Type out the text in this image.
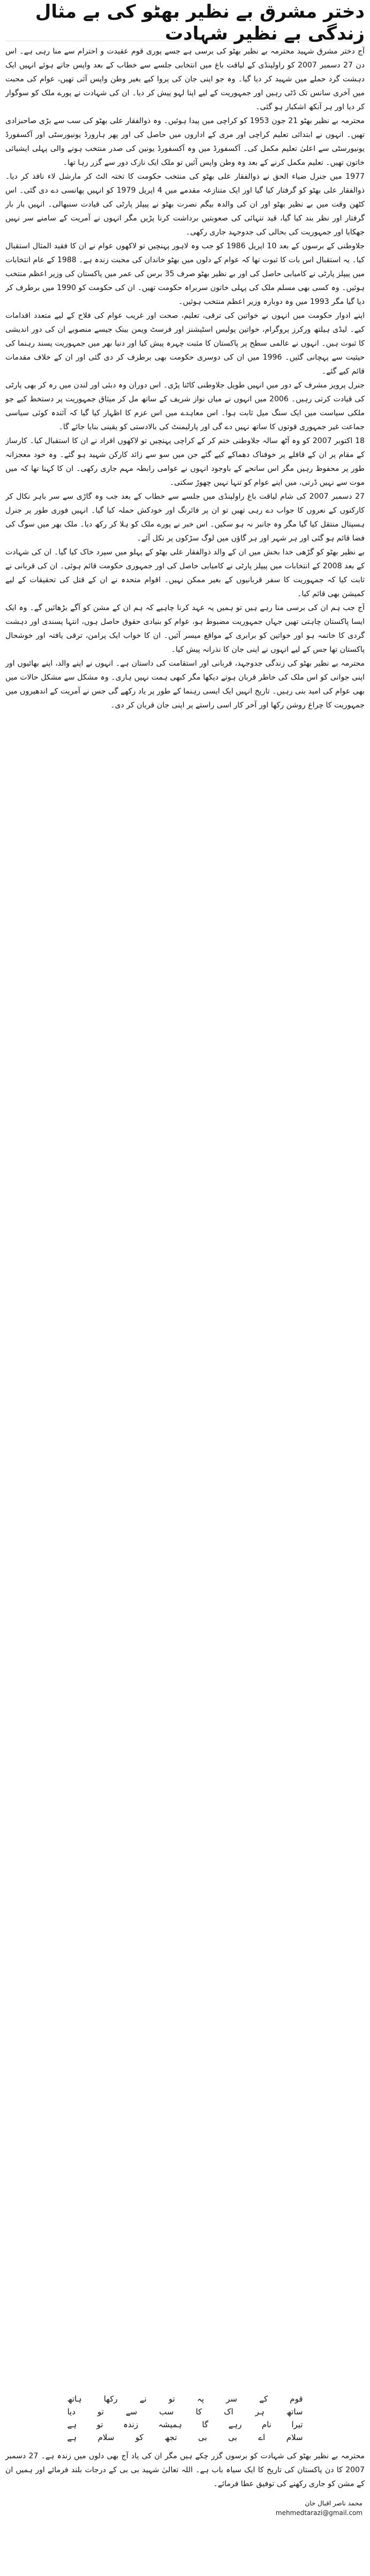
دختر مشرق بے نظیر بھٹو کی بے مثال زندگی بے نظیر شہادت

آج دختر مشرق شہید محترمہ بے نظیر بھٹو کی برسی ہے جسے پوری قوم عقیدت و احترام سے منا رہی ہے۔ اس دن 27 دسمبر 2007 کو راولپنڈی کے لیاقت باغ میں انتخابی جلسے سے خطاب کے بعد واپس جاتے ہوئے انہیں ایک دہشت گرد حملے میں شہید کر دیا گیا۔ وہ جو اپنی جان کی پروا کیے بغیر وطن واپس آئی تھیں، عوام کی محبت میں آخری سانس تک ڈٹی رہیں اور جمہوریت کے لیے اپنا لہو پیش کر دیا۔ ان کی شہادت نے پورے ملک کو سوگوار کر دیا اور ہر آنکھ اشکبار ہو گئی۔

محترمہ بے نظیر بھٹو 21 جون 1953 کو کراچی میں پیدا ہوئیں۔ وہ ذوالفقار علی بھٹو کی سب سے بڑی صاحبزادی تھیں۔ انہوں نے ابتدائی تعلیم کراچی اور مری کے اداروں میں حاصل کی اور پھر ہارورڈ یونیورسٹی اور آکسفورڈ یونیورسٹی سے اعلیٰ تعلیم مکمل کی۔ آکسفورڈ میں وہ آکسفورڈ یونین کی صدر منتخب ہونے والی پہلی ایشیائی خاتون تھیں۔ تعلیم مکمل کرنے کے بعد وہ وطن واپس آئیں تو ملک ایک نازک دور سے گزر رہا تھا۔

1977 میں جنرل ضیاء الحق نے ذوالفقار علی بھٹو کی منتخب حکومت کا تختہ الٹ کر مارشل لاء نافذ کر دیا۔ ذوالفقار علی بھٹو کو گرفتار کیا گیا اور ایک متنازعہ مقدمے میں 4 اپریل 1979 کو انہیں پھانسی دے دی گئی۔ اس کٹھن وقت میں بے نظیر بھٹو اور ان کی والدہ بیگم نصرت بھٹو نے پیپلز پارٹی کی قیادت سنبھالی۔ انہیں بار بار گرفتار اور نظر بند کیا گیا، قید تنہائی کی صعوبتیں برداشت کرنا پڑیں مگر انہوں نے آمریت کے سامنے سر نہیں جھکایا اور جمہوریت کی بحالی کی جدوجہد جاری رکھی۔

جلاوطنی کے برسوں کے بعد 10 اپریل 1986 کو جب وہ لاہور پہنچیں تو لاکھوں عوام نے ان کا فقید المثال استقبال کیا۔ یہ استقبال اس بات کا ثبوت تھا کہ عوام کے دلوں میں بھٹو خاندان کی محبت زندہ ہے۔ 1988 کے عام انتخابات میں پیپلز پارٹی نے کامیابی حاصل کی اور بے نظیر بھٹو صرف 35 برس کی عمر میں پاکستان کی وزیر اعظم منتخب ہوئیں۔ وہ کسی بھی مسلم ملک کی پہلی خاتون سربراہ حکومت تھیں۔ ان کی حکومت کو 1990 میں برطرف کر دیا گیا مگر 1993 میں وہ دوبارہ وزیر اعظم منتخب ہوئیں۔

اپنے ادوار حکومت میں انہوں نے خواتین کی ترقی، تعلیم، صحت اور غریب عوام کی فلاح کے لیے متعدد اقدامات کیے۔ لیڈی ہیلتھ ورکرز پروگرام، خواتین پولیس اسٹیشنز اور فرسٹ ویمن بینک جیسے منصوبے ان کی دور اندیشی کا ثبوت ہیں۔ انہوں نے عالمی سطح پر پاکستان کا مثبت چہرہ پیش کیا اور دنیا بھر میں جمہوریت پسند رہنما کی حیثیت سے پہچانی گئیں۔ 1996 میں ان کی دوسری حکومت بھی برطرف کر دی گئی اور ان کے خلاف مقدمات قائم کیے گئے۔

جنرل پرویز مشرف کے دور میں انہیں طویل جلاوطنی کاٹنا پڑی۔ اس دوران وہ دبئی اور لندن میں رہ کر بھی پارٹی کی قیادت کرتی رہیں۔ 2006 میں انہوں نے میاں نواز شریف کے ساتھ مل کر میثاق جمہوریت پر دستخط کیے جو ملکی سیاست میں ایک سنگ میل ثابت ہوا۔ اس معاہدے میں اس عزم کا اظہار کیا گیا کہ آئندہ کوئی سیاسی جماعت غیر جمہوری قوتوں کا ساتھ نہیں دے گی اور پارلیمنٹ کی بالادستی کو یقینی بنایا جائے گا۔

18 اکتوبر 2007 کو وہ آٹھ سالہ جلاوطنی ختم کر کے کراچی پہنچیں تو لاکھوں افراد نے ان کا استقبال کیا۔ کارساز کے مقام پر ان کے قافلے پر خوفناک دھماکے کیے گئے جن میں سو سے زائد کارکن شہید ہو گئے۔ وہ خود معجزانہ طور پر محفوظ رہیں مگر اس سانحے کے باوجود انہوں نے عوامی رابطہ مہم جاری رکھی۔ ان کا کہنا تھا کہ میں موت سے نہیں ڈرتی، میں اپنے عوام کو تنہا نہیں چھوڑ سکتی۔

27 دسمبر 2007 کی شام لیاقت باغ راولپنڈی میں جلسے سے خطاب کے بعد جب وہ گاڑی سے سر باہر نکال کر کارکنوں کے نعروں کا جواب دے رہی تھیں تو ان پر فائرنگ اور خودکش حملہ کیا گیا۔ انہیں فوری طور پر جنرل ہسپتال منتقل کیا گیا مگر وہ جانبر نہ ہو سکیں۔ اس خبر نے پورے ملک کو ہلا کر رکھ دیا۔ ملک بھر میں سوگ کی فضا قائم ہو گئی اور ہر شہر اور ہر گاؤں میں لوگ سڑکوں پر نکل آئے۔

بے نظیر بھٹو کو گڑھی خدا بخش میں ان کے والد ذوالفقار علی بھٹو کے پہلو میں سپرد خاک کیا گیا۔ ان کی شہادت کے بعد 2008 کے انتخابات میں پیپلز پارٹی نے کامیابی حاصل کی اور جمہوری حکومت قائم ہوئی۔ ان کی قربانی نے ثابت کیا کہ جمہوریت کا سفر قربانیوں کے بغیر ممکن نہیں۔ اقوام متحدہ نے ان کے قتل کی تحقیقات کے لیے کمیشن بھی قائم کیا۔

آج جب ہم ان کی برسی منا رہے ہیں تو ہمیں یہ عہد کرنا چاہیے کہ ہم ان کے مشن کو آگے بڑھائیں گے۔ وہ ایک ایسا پاکستان چاہتی تھیں جہاں جمہوریت مضبوط ہو، عوام کو بنیادی حقوق حاصل ہوں، انتہا پسندی اور دہشت گردی کا خاتمہ ہو اور خواتین کو برابری کے مواقع میسر آئیں۔ ان کا خواب ایک پرامن، ترقی یافتہ اور خوشحال پاکستان تھا جس کے لیے انہوں نے اپنی جان کا نذرانہ پیش کیا۔

محترمہ بے نظیر بھٹو کی زندگی جدوجہد، قربانی اور استقامت کی داستان ہے۔ انہوں نے اپنے والد، اپنے بھائیوں اور اپنی جوانی کو اس ملک کی خاطر قربان ہوتے دیکھا مگر کبھی ہمت نہیں ہاری۔ وہ مشکل سے مشکل حالات میں بھی عوام کی امید بنی رہیں۔ تاریخ انہیں ایک ایسی رہنما کے طور پر یاد رکھے گی جس نے آمریت کے اندھیروں میں جمہوریت کا چراغ روشن رکھا اور آخر کار اسی راستے پر اپنی جان قربان کر دی۔

قوم
کے
سر
پہ
تو
نے
رکھا
ہاتھ
ساتھ
ہر
اک
کا
سب
سے
تو
دیا
تیرا
نام
رہے
گا
ہمیشہ
زندہ
تو
ہے
سلام
اے
بی
بی
تجھ
کو
سلام
ہے

محترمہ بے نظیر بھٹو کی شہادت کو برسوں گزر چکے ہیں مگر ان کی یاد آج بھی دلوں میں زندہ ہے۔ 27 دسمبر 2007 کا دن پاکستان کی تاریخ کا ایک سیاہ باب ہے۔ اللہ تعالیٰ شہید بی بی کے درجات بلند فرمائے اور ہمیں ان کے مشن کو جاری رکھنے کی توفیق عطا فرمائے۔

محمد ناصر اقبال خان
mehmedtarazi@gmail.com
